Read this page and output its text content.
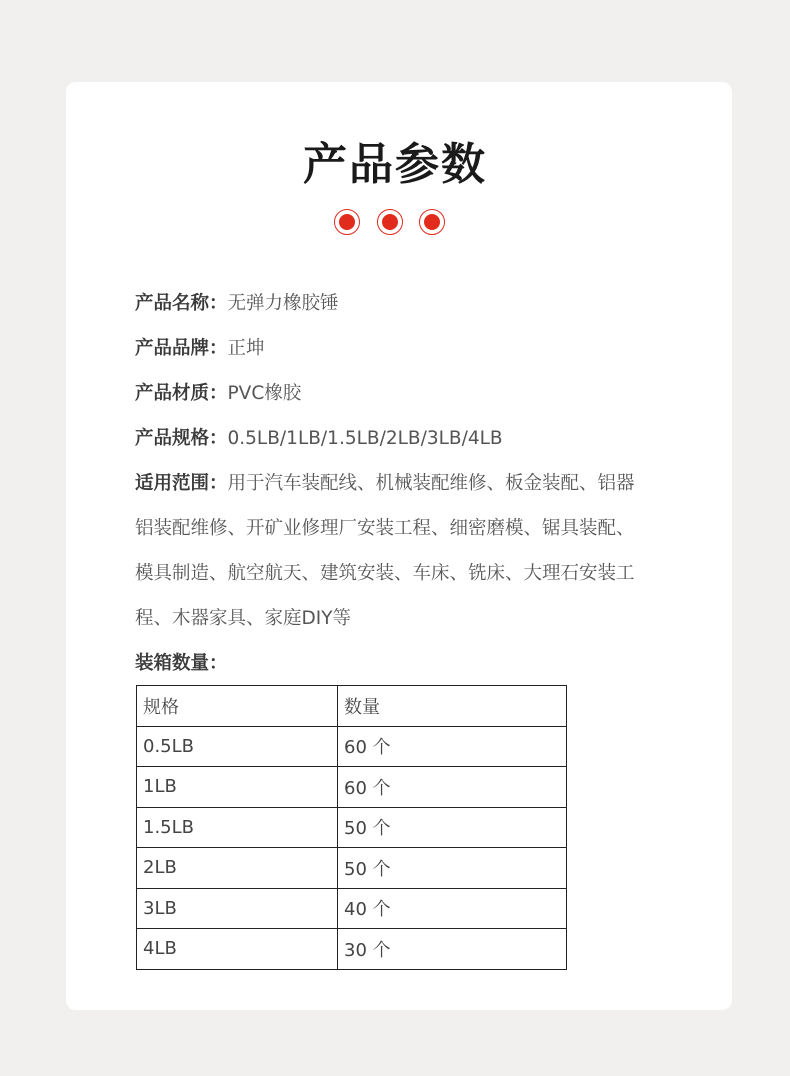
产品参数
产品名称：无弹力橡胶锤
产品品牌：正坤
产品材质：PVC橡胶
产品规格：0.5LB/1LB/1.5LB/2LB/3LB/4LB
适用范围：用于汽车装配线、机械装配维修、板金装配、铝器
铝装配维修、开矿业修理厂安装工程、细密磨模、锯具装配、
模具制造、航空航天、建筑安装、车床、铣床、大理石安装工
程、木器家具、家庭DIY等
装箱数量：
规格	数量
0.5LB	60 个
1LB	60 个
1.5LB	50 个
2LB	50 个
3LB	40 个
4LB	30 个
